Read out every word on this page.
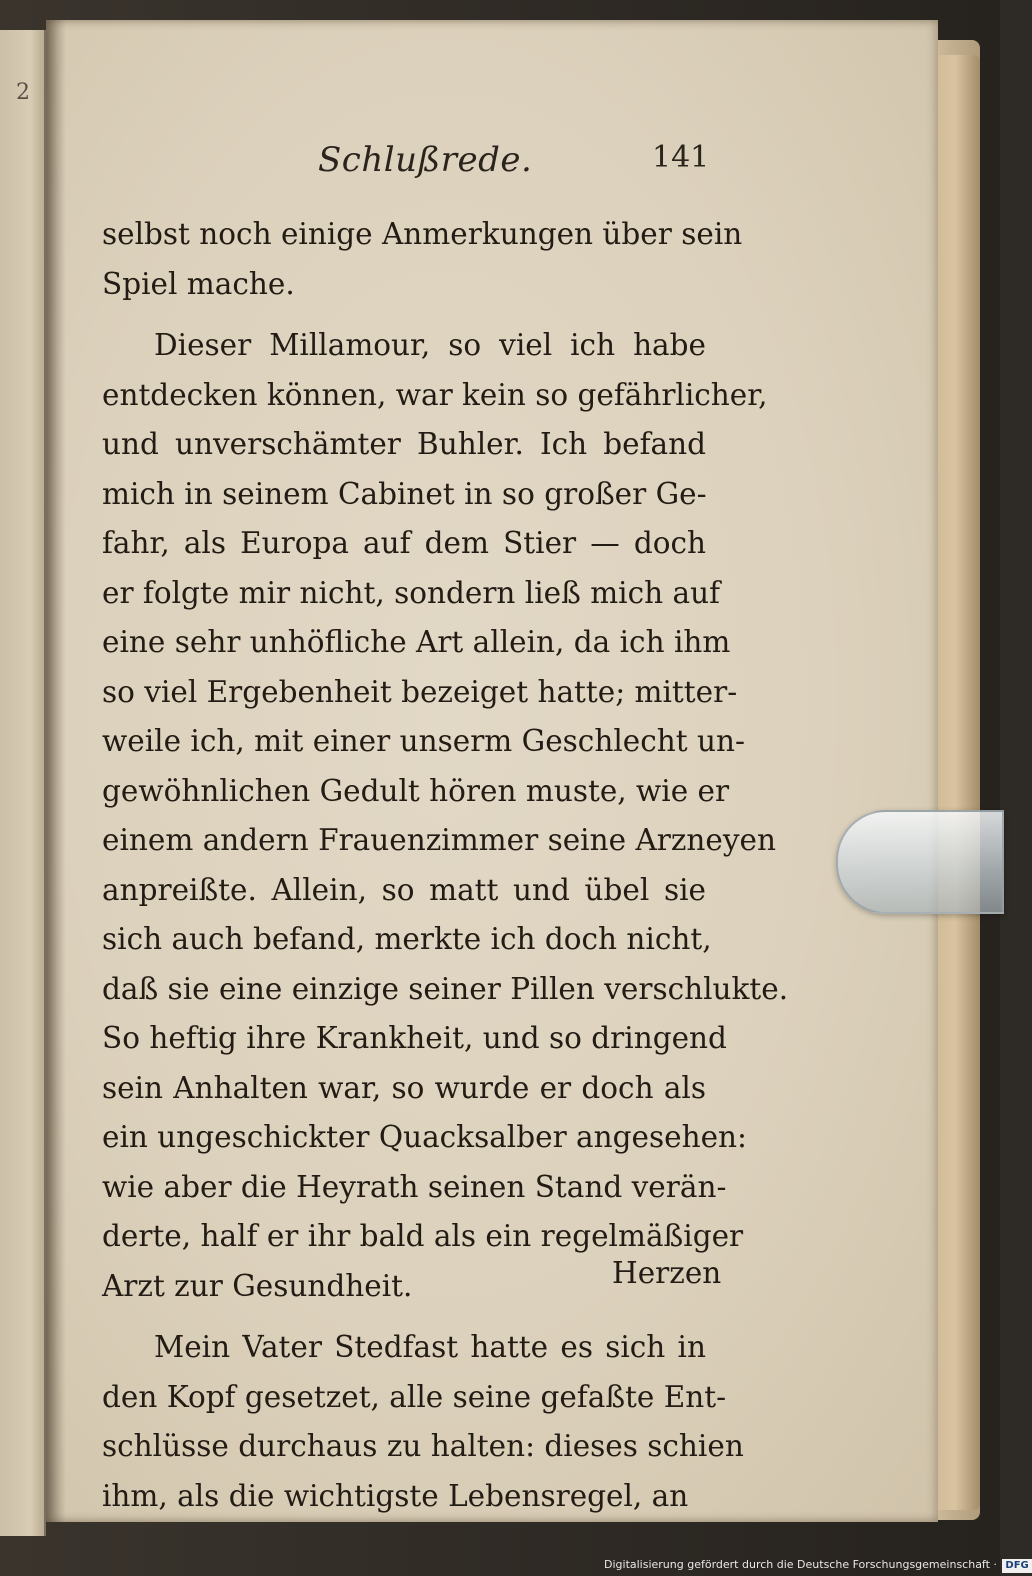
2
Schlußrede.	141
selbst noch einige Anmerkungen über sein
Spiel mache.
Dieser Millamour, so viel ich habe
entdecken können, war kein so gefährlicher,
und unverschämter Buhler. Ich befand
mich in seinem Cabinet in so großer Ge-
fahr, als Europa auf dem Stier — doch
er folgte mir nicht, sondern ließ mich auf
eine sehr unhöfliche Art allein, da ich ihm
so viel Ergebenheit bezeiget hatte; mitter-
weile ich, mit einer unserm Geschlecht un-
gewöhnlichen Gedult hören muste, wie er
einem andern Frauenzimmer seine Arzneyen
anpreißte. Allein, so matt und übel sie
sich auch befand, merkte ich doch nicht,
daß sie eine einzige seiner Pillen verschlukte.
So heftig ihre Krankheit, und so dringend
sein Anhalten war, so wurde er doch als
ein ungeschickter Quacksalber angesehen:
wie aber die Heyrath seinen Stand verän-
derte, half er ihr bald als ein regelmäßiger
Arzt zur Gesundheit.
Mein Vater Stedfast hatte es sich in
den Kopf gesetzet, alle seine gefaßte Ent-
schlüsse durchaus zu halten: dieses schien
ihm, als die wichtigste Lebensregel, an
Herzen
Digitalisierung gefördert durch die Deutsche Forschungsgemeinschaft · DFG
